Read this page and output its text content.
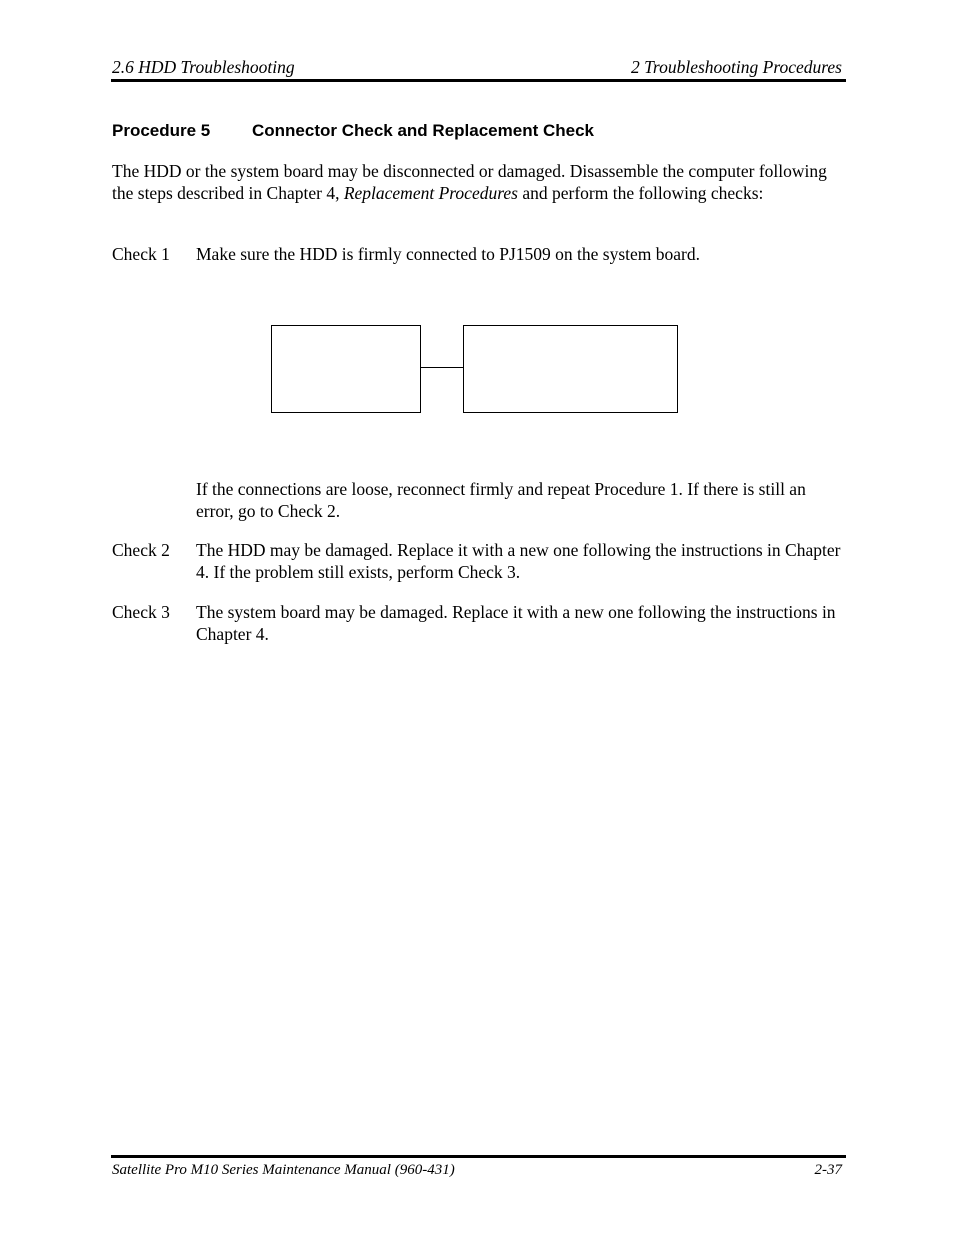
2.6 HDD Troubleshooting	2 Troubleshooting Procedures
Procedure 5 Connector Check and Replacement Check
The HDD or the system board may be disconnected or damaged. Disassemble the computer following the steps described in Chapter 4, Replacement Procedures and perform the following checks:
Check 1	Make sure the HDD is firmly connected to PJ1509 on the system board.
If the connections are loose, reconnect firmly and repeat Procedure 1. If there is still an error, go to Check 2.
Check 2	The HDD may be damaged. Replace it with a new one following the instructions in Chapter 4. If the problem still exists, perform Check 3.
Check 3	The system board may be damaged. Replace it with a new one following the instructions in Chapter 4.
Satellite Pro M10 Series Maintenance Manual (960-431)	2-37
